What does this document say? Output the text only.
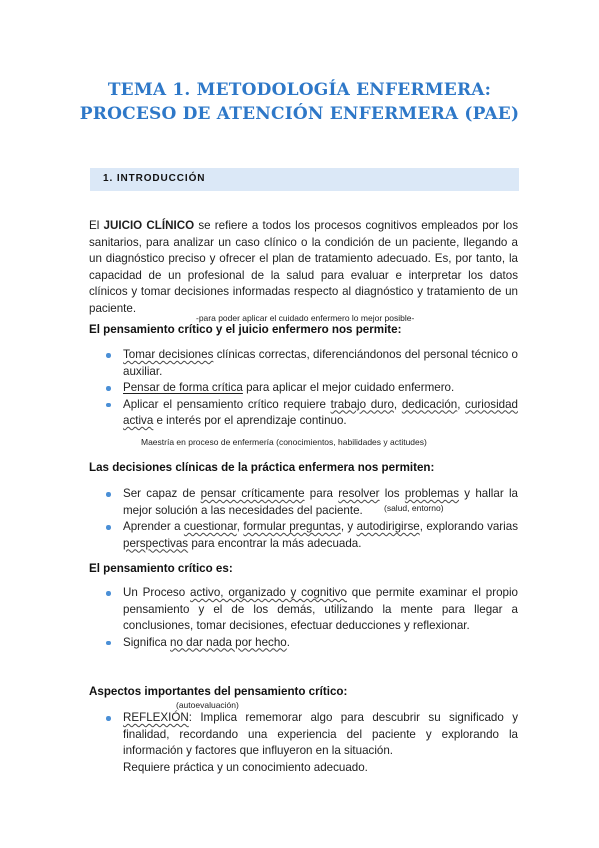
TEMA 1. METODOLOGÍA ENFERMERA:
PROCESO DE ATENCIÓN ENFERMERA (PAE)
1. INTRODUCCIÓN
El JUICIO CLÍNICO se refiere a todos los procesos cognitivos empleados por los sanitarios, para analizar un caso clínico o la condición de un paciente, llegando a un diagnóstico preciso y ofrecer el plan de tratamiento adecuado. Es, por tanto, la capacidad de un profesional de la salud para evaluar e interpretar los datos clínicos y tomar decisiones informadas respecto al diagnóstico y tratamiento de un paciente.
-para poder aplicar el cuidado enfermero lo mejor posible-
El pensamiento crítico y el juicio enfermero nos permite:
Tomar decisiones clínicas correctas, diferenciándonos del personal técnico o auxiliar.
Pensar de forma crítica para aplicar el mejor cuidado enfermero.
Aplicar el pensamiento crítico requiere trabajo duro, dedicación, curiosidad activa e interés por el aprendizaje continuo.
Maestría en proceso de enfermería (conocimientos, habilidades y actitudes)
Las decisiones clínicas de la práctica enfermera nos permiten:
Ser capaz de pensar críticamente para resolver los problemas y hallar la mejor solución a las necesidades del paciente.
Aprender a cuestionar, formular preguntas, y autodirigirse, explorando varias perspectivas para encontrar la más adecuada.
(salud, entorno)
El pensamiento crítico es:
Un Proceso activo, organizado y cognitivo que permite examinar el propio pensamiento y el de los demás, utilizando la mente para llegar a conclusiones, tomar decisiones, efectuar deducciones y reflexionar.
Significa no dar nada por hecho.
Aspectos importantes del pensamiento crítico:
(autoevaluación)
REFLEXIÓN: Implica rememorar algo para descubrir su significado y finalidad, recordando una experiencia del paciente y explorando la información y factores que influyeron en la situación.
Requiere práctica y un conocimiento adecuado.
